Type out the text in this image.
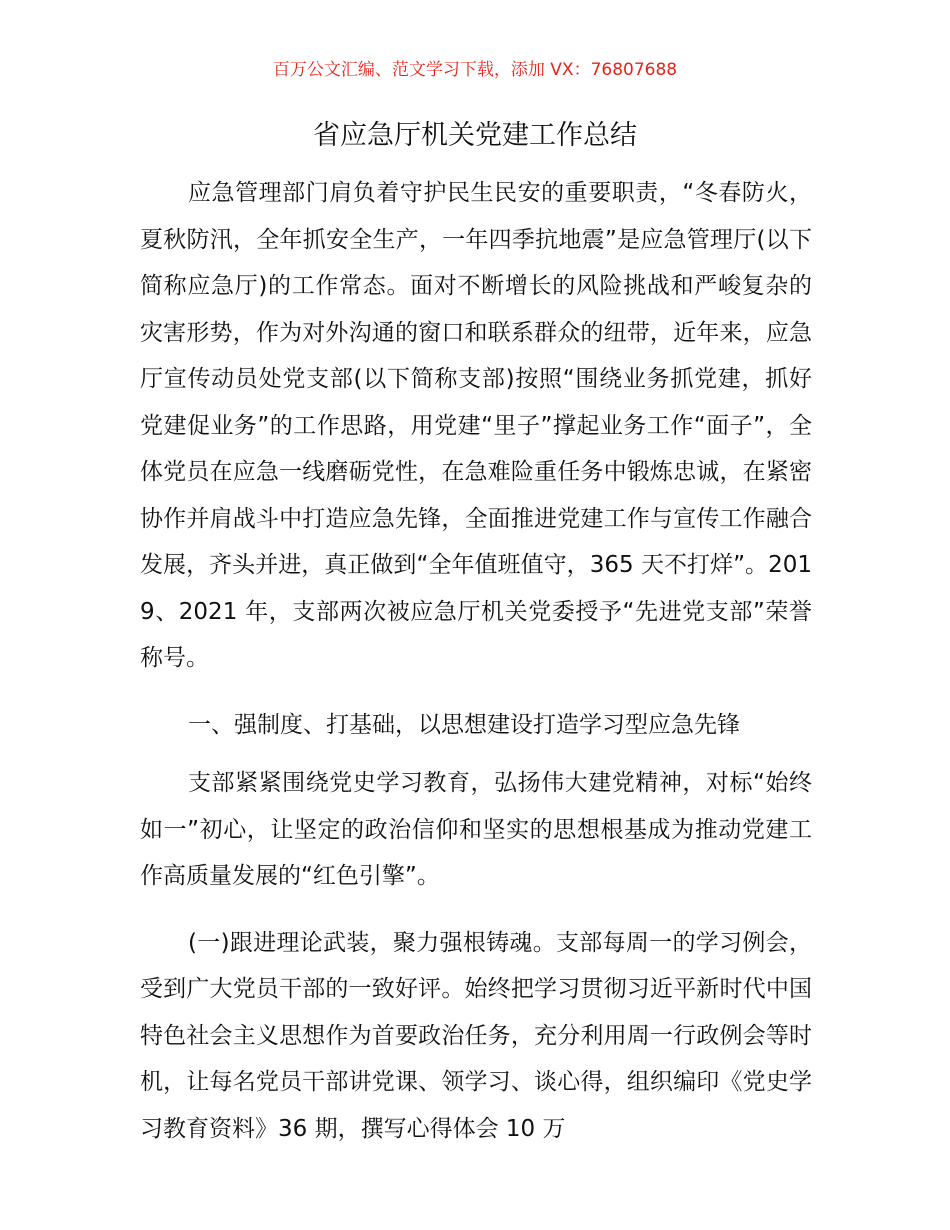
百万公文汇编、范文学习下载，添加 VX：76807688
省应急厅机关党建工作总结

应急管理部门肩负着守护民生民安的重要职责，“冬春防火，夏秋防汛，全年抓安全生产，一年四季抗地震”是应急管理厅(以下简称应急厅)的工作常态。面对不断增长的风险挑战和严峻复杂的灾害形势，作为对外沟通的窗口和联系群众的纽带，近年来，应急厅宣传动员处党支部(以下简称支部)按照“围绕业务抓党建，抓好党建促业务”的工作思路，用党建“里子”撑起业务工作“面子”，全体党员在应急一线磨砺党性，在急难险重任务中锻炼忠诚，在紧密协作并肩战斗中打造应急先锋，全面推进党建工作与宣传工作融合发展，齐头并进，真正做到“全年值班值守，365 天不打烊”。2019、2021 年，支部两次被应急厅机关党委授予“先进党支部”荣誉称号。

一、强制度、打基础，以思想建设打造学习型应急先锋

支部紧紧围绕党史学习教育，弘扬伟大建党精神，对标“始终如一”初心，让坚定的政治信仰和坚实的思想根基成为推动党建工作高质量发展的“红色引擎”。

(一)跟进理论武装，聚力强根铸魂。支部每周一的学习例会，受到广大党员干部的一致好评。始终把学习贯彻习近平新时代中国特色社会主义思想作为首要政治任务，充分利用周一行政例会等时机，让每名党员干部讲党课、领学习、谈心得，组织编印《党史学习教育资料》36 期，撰写心得体会 10 万
